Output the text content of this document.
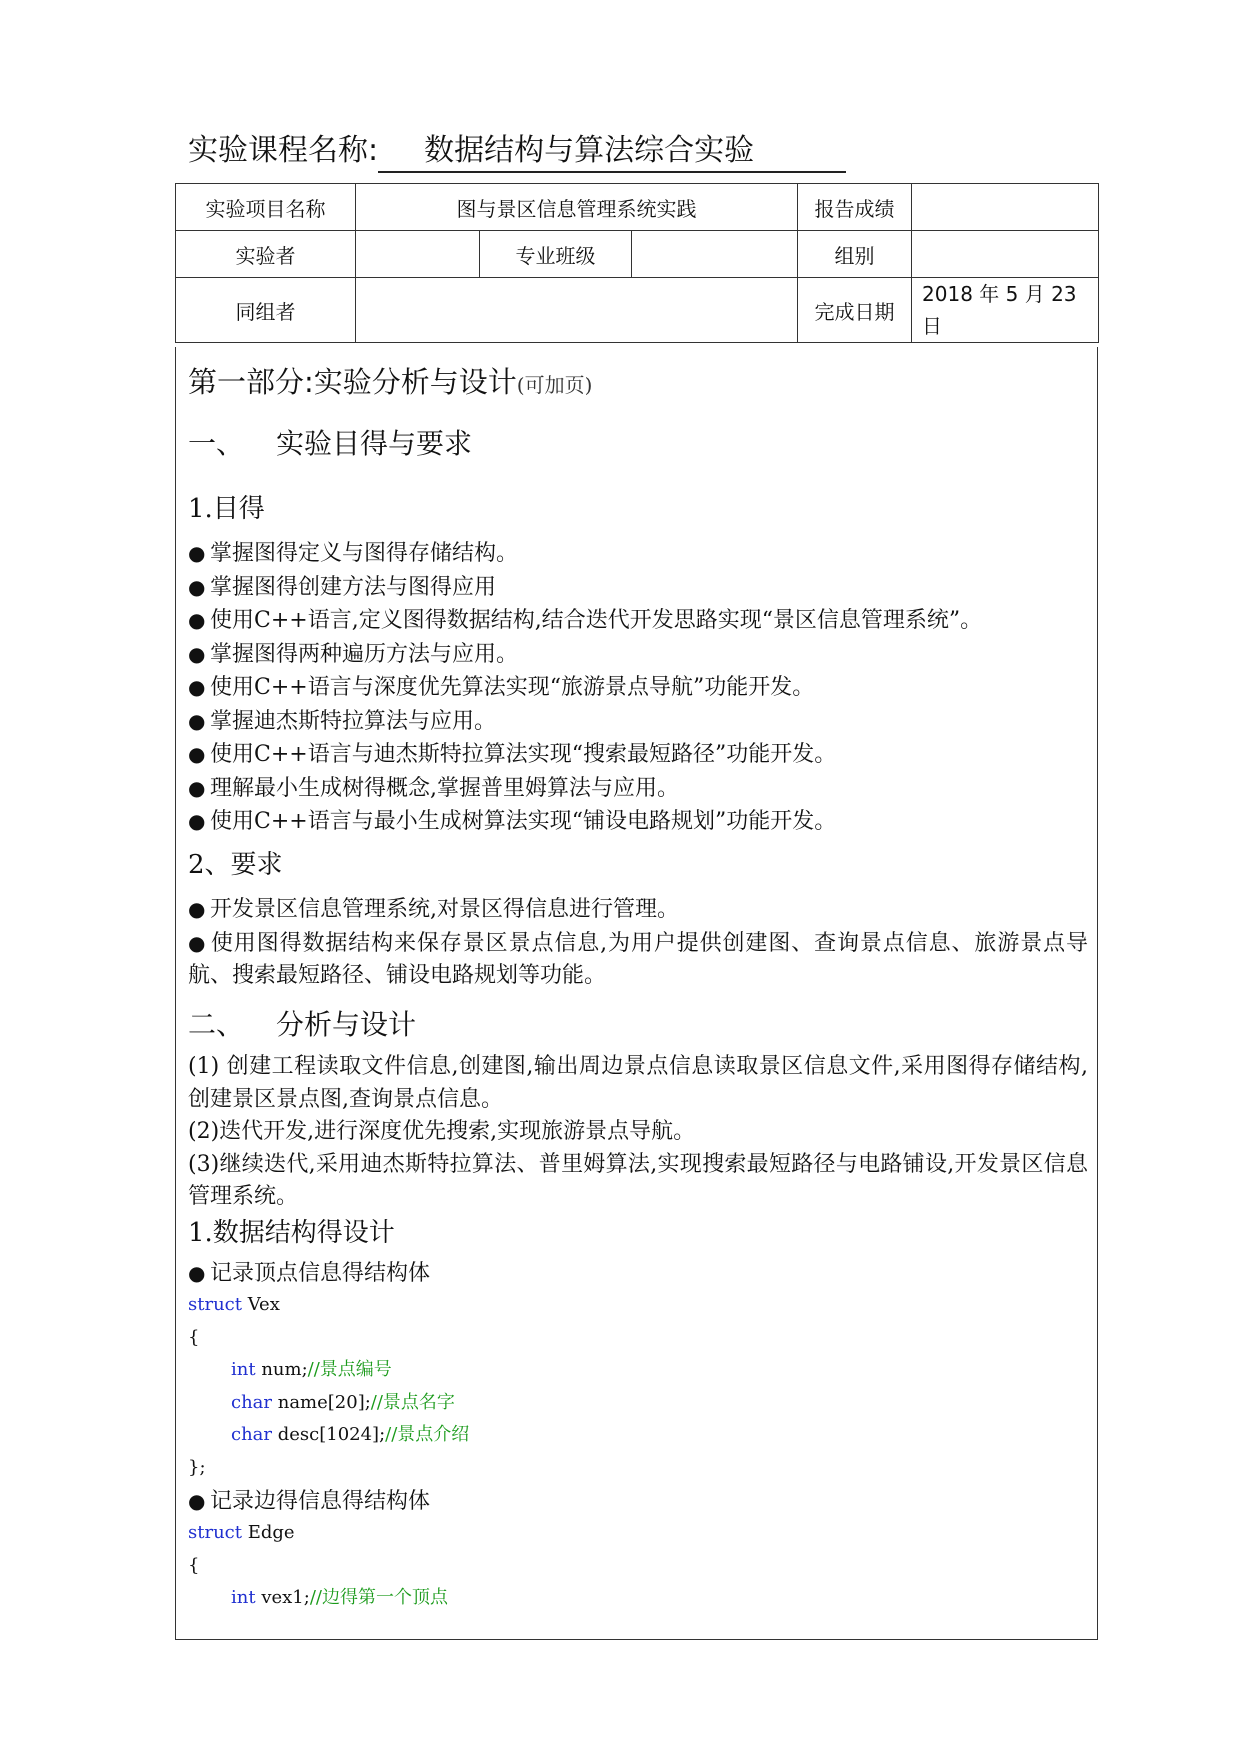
实验课程名称: 数据结构与算法综合实验
实验项目名称	图与景区信息管理系统实践			报告成绩	
实验者		专业班级		组别	
同组者				完成日期	2018 年 5 月 23 日
第一部分:实验分析与设计(可加页)
一、 实验目得与要求
1.目得
● 掌握图得定义与图得存储结构。
● 掌握图得创建方法与图得应用
● 使用C++语言,定义图得数据结构,结合迭代开发思路实现“景区信息管理系统”。
● 掌握图得两种遍历方法与应用。
● 使用C++语言与深度优先算法实现“旅游景点导航”功能开发。
● 掌握迪杰斯特拉算法与应用。
● 使用C++语言与迪杰斯特拉算法实现“搜索最短路径”功能开发。
● 理解最小生成树得概念,掌握普里姆算法与应用。
● 使用C++语言与最小生成树算法实现“铺设电路规划”功能开发。
2、要求
● 开发景区信息管理系统,对景区得信息进行管理。
● 使用图得数据结构来保存景区景点信息,为用户提供创建图、查询景点信息、旅游景点导航、搜索最短路径、铺设电路规划等功能。
二、 分析与设计
(1) 创建工程读取文件信息,创建图,输出周边景点信息读取景区信息文件,采用图得存储结构,创建景区景点图,查询景点信息。
(2)迭代开发,进行深度优先搜索,实现旅游景点导航。
(3)继续迭代,采用迪杰斯特拉算法、普里姆算法,实现搜索最短路径与电路铺设,开发景区信息管理系统。
1.数据结构得设计
● 记录顶点信息得结构体
struct Vex
{
int num;//景点编号
char name[20];//景点名字
char desc[1024];//景点介绍
};
● 记录边得信息得结构体
struct Edge
{
int vex1;//边得第一个顶点
